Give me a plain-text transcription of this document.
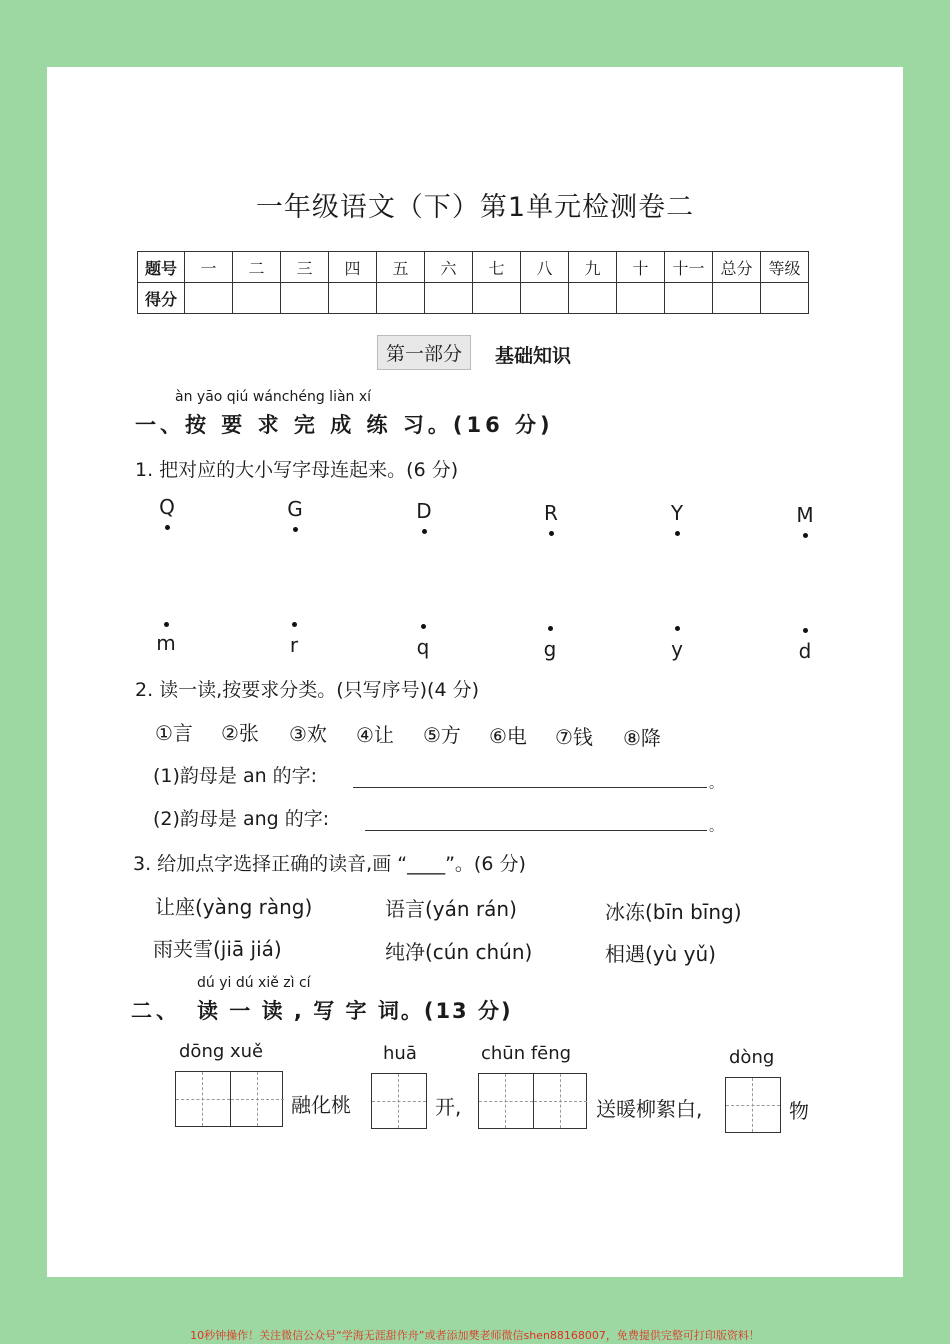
一年级语文（下）第1单元检测卷二
题号	一	二	三	四	五	六	七	八	九	十	十一	总分	等级
得分													
第一部分	基础知识
àn yāo qiú wánchéng liàn xí
一、按 要 求 完 成 练 习。(16 分)
1. 把对应的大小写字母连起来。(6 分)
Q	G	D	R	Y	M
m	r	q	g	y	d
2. 读一读,按要求分类。(只写序号)(4 分)
①言 ②张 ③欢 ④让 ⑤方 ⑥电 ⑦钱 ⑧降
(1)韵母是 an 的字:	。
(2)韵母是 ang 的字:	。
3. 给加点字选择正确的读音,画 “____”。(6 分)
让座(yàng ràng)	语言(yán rán)	冰冻(bīn bīng)
雨夹雪(jiā jiá)	纯净(cún chún)	相遇(yù yǔ)
dú yi dú xiě zì cí
二、 读 一 读 , 写 字 词。(13 分)
dōng xuě	huā	chūn fēng	dòng
融化桃	开,	送暖柳絮白,	物
10秒钟操作！关注微信公众号“学海无涯甜作舟”或者添加樊老师微信shen88168007，免费提供完整可打印版资料！
